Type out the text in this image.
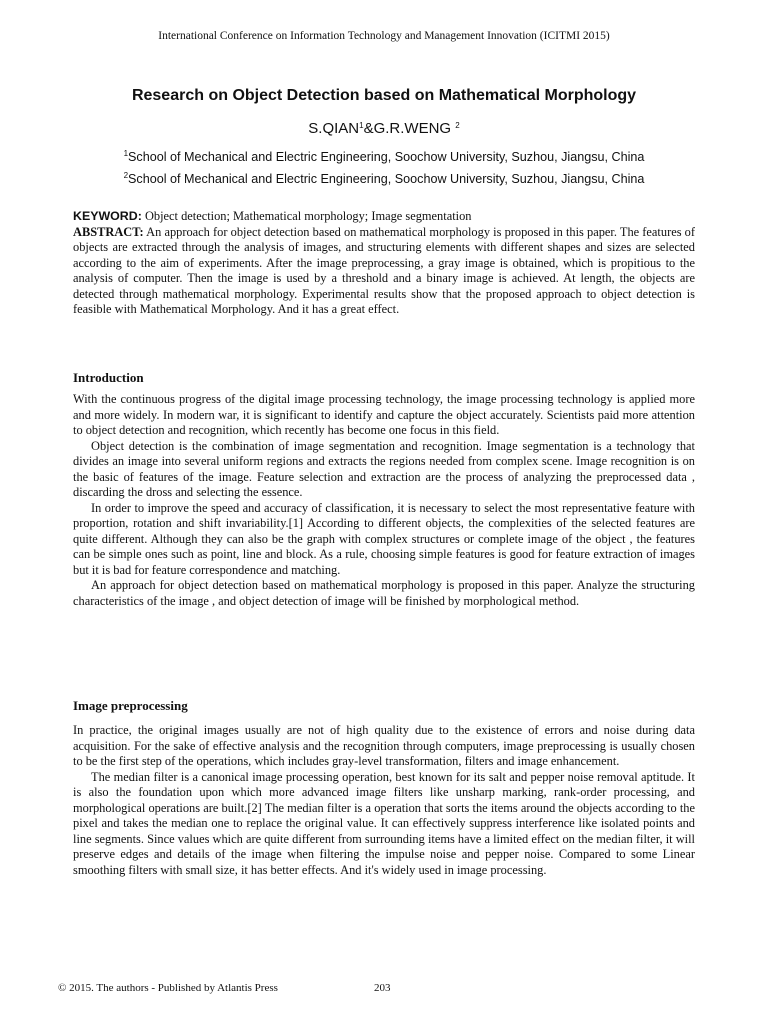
International Conference on Information Technology and Management Innovation (ICITMI 2015)
Research on Object Detection based on Mathematical Morphology
S.QIAN$^1$&G.R.WENG $^2$
$^1$School of Mechanical and Electric Engineering, Soochow University, Suzhou, Jiangsu, China
$^2$School of Mechanical and Electric Engineering, Soochow University, Suzhou, Jiangsu, China

KEYWORD: Object detection; Mathematical morphology; Image segmentation

ABSTRACT: An approach for object detection based on mathematical morphology is proposed in this paper. The features of objects are extracted through the analysis of images, and structuring elements with different shapes and sizes are selected according to the aim of experiments. After the image preprocessing, a gray image is obtained, which is propitious to the analysis of computer. Then the image is used by a threshold and a binary image is achieved. At length, the objects are detected through mathematical morphology. Experimental results show that the proposed approach to object detection is feasible with Mathematical Morphology. And it has a great effect.

Introduction

With the continuous progress of the digital image processing technology, the image processing technology is applied more and more widely. In modern war, it is significant to identify and capture the object accurately. Scientists paid more attention to object detection and recognition, which recently has become one focus in this field.

Object detection is the combination of image segmentation and recognition. Image segmentation is a technology that divides an image into several uniform regions and extracts the regions needed from complex scene. Image recognition is on the basic of features of the image. Feature selection and extraction are the process of analyzing the preprocessed data , discarding the dross and selecting the essence.

In order to improve the speed and accuracy of classification, it is necessary to select the most representative feature with proportion, rotation and shift invariability.[1] According to different objects, the complexities of the selected features are quite different. Although they can also be the graph with complex structures or complete image of the object , the features can be simple ones such as point, line and block. As a rule, choosing simple features is good for feature extraction of images but it is bad for feature correspondence and matching.

An approach for object detection based on mathematical morphology is proposed in this paper. Analyze the structuring characteristics of the image , and object detection of image will be finished by morphological method.

Image preprocessing

In practice, the original images usually are not of high quality due to the existence of errors and noise during data acquisition. For the sake of effective analysis and the recognition through computers, image preprocessing is usually chosen to be the first step of the operations, which includes gray-level transformation, filters and image enhancement.

The median filter is a canonical image processing operation, best known for its salt and pepper noise removal aptitude. It is also the foundation upon which more advanced image filters like unsharp marking, rank-order processing, and morphological operations are built.[2] The median filter is a operation that sorts the items around the objects according to the pixel and takes the median one to replace the original value. It can effectively suppress interference like isolated points and line segments. Since values which are quite different from surrounding items have a limited effect on the median filter, it will preserve edges and details of the image when filtering the impulse noise and pepper noise. Compared to some Linear smoothing filters with small size, it has better effects. And it's widely used in image processing.

© 2015. The authors - Published by Atlantis Press	203
